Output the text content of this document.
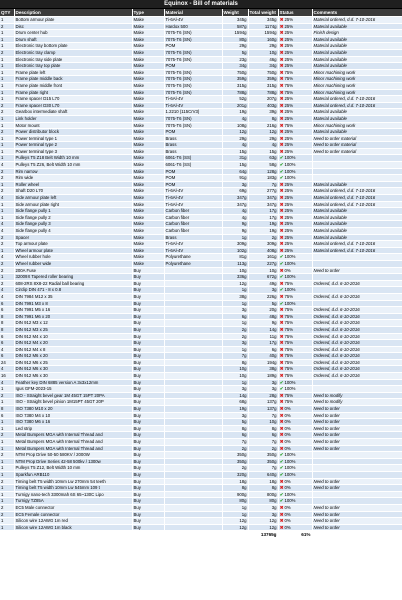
Equinox - Bill of materials
QTY	Description	Type	Material	Weight	Total weight	Status	Comments
1	Bottom armour plate	Make	Ti-6Al-4V	345g	345g	✖25%	Material ordered, d.d. 7-10-2016
2	Disc	Make	Hardox 500	587g	1174g	✖25%	Material available
1	Drum center hub	Make	7075-T6 (SN)	1594g	1594g	✖25%	Finish design
1	Drum shaft	Make	7075-T6 (SN)	80g	160g	✖25%	Material available
1	Electronic tray bottom plate	Make	POM	29g	29g	✖25%	Material available
2	Electronic tray clamp	Make	7075-T6 (SN)	5g	10g	✖25%	Material available
1	Electronic tray side plate	Make	7075-T6 (SN)	23g	46g	✖25%	Material available
1	Electronic tray top plate	Make	POM	34g	34g	✖25%	Material available
1	Frame plate left	Make	7075-T6 (SN)	750g	750g	✖75%	Minor machining work
1	Frame plate middle back	Make	7075-T6 (SN)	359g	359g	✖75%	Minor machining work
1	Frame plate middle front	Make	7075-T6 (SN)	315g	315g	✖75%	Minor machining work
1	Frame plate right	Make	7075-T6 (SN)	788g	788g	✖75%	Minor machining work
1	Frame spacer D15 L70	Make	Ti-6Al-4V	52g	207g	✖25%	Material ordered, d.d. 7-10-2016
2	Frame spacer D30 L70	Make	Ti-6Al-4V	201g	403g	✖25%	Material ordered, d.d. 7-10-2016
2	Gearbox intermediate shaft	Make	1.2210 (115CrV3)	19g	39g	✖25%	Material available
1	Link holder	Make	7075-T6 (SN)	4g	8g	✖25%	Material available
1	Motor mount	Make	7075-T6 (SN)	108g	216g	✖75%	Minor machining work
2	Power distributor block	Make	POM	12g	12g	✖25%	Material available
1	Power terminal type 1	Make	Brass	29g	29g	✖25%	Need to order material
1	Power terminal type 2	Make	Brass	4g	4g	✖25%	Need to order material
1	Power terminal type 3	Make	Brass	15g	15g	✖25%	Need to order material
1	Pulleys T5 Z18 Belt Width 10 mm	Make	6061-T6 (SS)	31g	63g	✔100%	
4	Pulleys T5 Z26, Belt Width 10 mm	Make	6061-T6 (SS)	15g	58g	✔100%	
2	Rim narrow	Make	POM	64g	128g	✔100%	
2	Rim wide	Make	POM	91g	183g	✔100%	
1	Roller wheel	Make	POM	3g	7g	✖25%	Material available
2	Shaft D20 L70	Make	Ti-6Al-4V	69g	277g	✖25%	Material ordered, d.d. 7-10-2016
4	Side armour plate left	Make	Ti-6Al-4V	347g	347g	✖25%	Material ordered, d.d. 7-10-2016
1	Side armour plate right	Make	Ti-6Al-4V	347g	347g	✖25%	Material ordered, d.d. 7-10-2016
1	Side flange pully 1	Make	Carbon fiber	4g	17g	✖25%	Material available
1	Side flange pully 2	Make	Carbon fiber	4g	17g	✖25%	Material available
4	Side flange pully 3	Make	Carbon fiber	9g	19g	✖25%	Material available
4	Side flange pully 4	Make	Carbon fiber	9g	19g	✖25%	Material available
2	Spacer	Make	Brass	1g	2g	✖25%	Material available
2	Top armour plate	Make	Ti-6Al-4V	309g	309g	✖25%	Material ordered, d.d. 7-10-2016
1	Wheel armour plate	Make	Ti-6Al-4V	102g	408g	✖25%	Material ordered, d.d. 7-10-2016
4	Wheel rubber hole	Make	Polyurethane	81g	161g	✔100%	
2	Wheel rubber wide	Make	Polyurethane	113g	227g	✔100%	
2	200A Fuse	Buy		10g	10g	✖0%	Need to order
1	32009X Tapered roller bearing	Buy		336g	672g	✔100%	
2	608-2RS 8X8-22 Radial ball bearing	Buy		12g	49g	✖75%	Ordered, d.d. 6-10-2016
4	Circlip DIN 471 - 8 x 0.8	Buy		1g	3g	✔100%	
4	DIN 7984 M12 x 35	Buy		38g	226g	✖75%	Ordered, d.d. 6-10-2016
6	DIN 7991 M3 x 8	Buy		1g	5g	✔100%	
6	DIN 7991 M5 x 16	Buy		3g	20g	✖75%	Ordered, d.d. 6-10-2016
8	DIN 7991 M6 x 20	Buy		6g	48g	✖75%	Ordered, d.d. 6-10-2016
8	DIN 912 M3 x 12	Buy		1g	9g	✖75%	Ordered, d.d. 6-10-2016
8	DIN 912 M3 x 25	Buy		2g	14g	✖75%	Ordered, d.d. 6-10-2016
6	DIN 912 M4 x 10	Buy		2g	11g	✖75%	Ordered, d.d. 6-10-2016
6	DIN 912 M4 x 20	Buy		3g	17g	✖75%	Ordered, d.d. 6-10-2016
4	DIN 912 M4 x 8	Buy		1g	6g	✖75%	Ordered, d.d. 6-10-2016
6	DIN 912 M6 x 20	Buy		7g	40g	✖75%	Ordered, d.d. 6-10-2016
24	DIN 912 M6 x 25	Buy		8g	194g	✖75%	Ordered, d.d. 6-10-2016
4	DIN 912 M6 x 30	Buy		10g	38g	✖75%	Ordered, d.d. 6-10-2016
16	DIN 912 M6 x 30	Buy		10g	189g	✖75%	Ordered, d.d. 6-10-2016
4	Feather key DIN 6885 version A 3x3x12mm	Buy		1g	3g	✔100%	
1	Igus GFM-2023-15	Buy		3g	3g	✔100%	
2	ISO - Straight bevel gear 1M 45GT 15PT 20PA	Buy		14g	28g	✖75%	Need to modify
1	ISO - Straight bevel pinion 1M15PT 45GT 20P	Buy		68g	137g	✖75%	Need to modify
8	ISO 7380 M10 x 20	Buy		19g	137g	✖0%	Need to order
6	ISO 7380 M4 x 10	Buy		3g	7g	✖0%	Need to order
1	ISO 7380 M6 x 16	Buy		5g	10g	✖0%	Need to order
1	Led strip	Buy		8g	8g	✖0%	Need to order
2	Metal Bumpers MGA with Internal Thread and	Buy		6g	6g	✖0%	Need to order
1	Metal Bumpers MGA with Internal Thread and	Buy		7g	7g	✖0%	Need to order
1	Metal Bumpers MGA with Internal Thread and	Buy		2g	2g	✖0%	Need to order
2	NTM Prop Drive 50-50 580KV / 2000W	Buy		350g	350g	✔100%	
1	NTM Prop Drive Series 42-58 500kv / 1300w	Buy		350g	350g	✔100%	
1	Pulleys T5 Z12, Belt Width 10 mm	Buy		2g	7g	✔100%	
1	Sparkfun ARB110	Buy		320g	640g	✔100%	
2	Timing belt T5 width 10mm Lw 270mm 54 teeth	Buy		18g	18g	✖0%	Need to order
1	Timing belt T5 width 10mm Lw 545mm 109 t	Buy		8g	8g	✖0%	Need to order
1	Turnigy nano-tech 3300mah 6S 65~130C Lipo	Buy		900g	800g	✔100%	
1	Turnigy TZ85A	Buy		80g	80g	✔100%	
2	EC5 Male connector	Buy		1g	3g	✖0%	Need to order
2	EC5 Female connector	Buy		1g	3g	✖0%	Need to order
1	Silicon wire 12AWG 1m red	Buy		12g	12g	✖0%	Need to order
1	Silicon wire 12AWG 1m black	Buy		12g	12g	✖0%	Need to order
					13765g	61%	
